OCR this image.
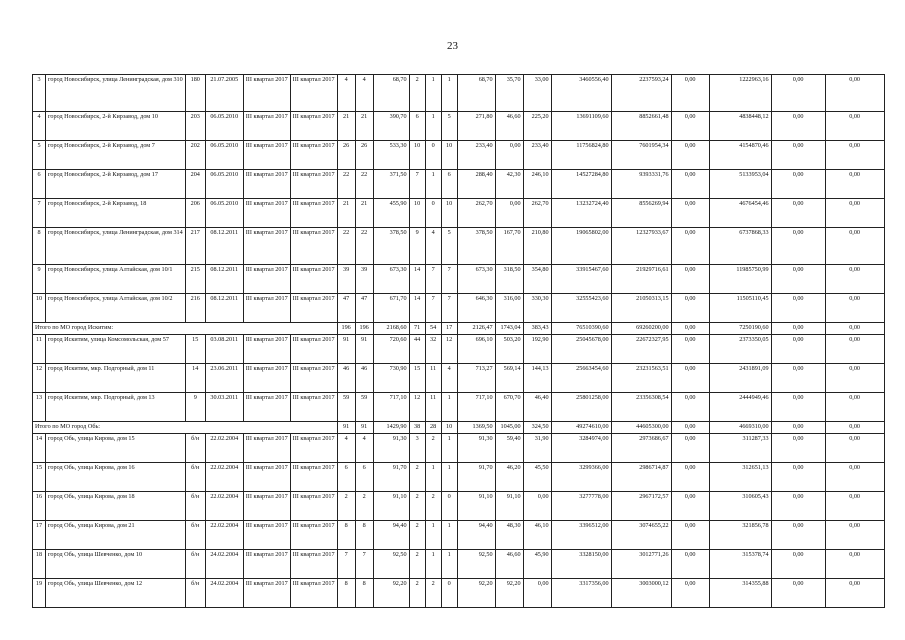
23
3	город Новосибирск, улица Ленинградская, дом 310	180	21.07.2005	III квартал 2017	III квартал 2017	4	4	68,70	2	1	1	68,70	35,70	33,00	3460556,40	2237593,24	0,00	1222963,16	0,00	0,00
4	город Новосибирск, 2-й Кирзавод, дом 10	203	06.05.2010	III квартал 2017	III квартал 2017	21	21	390,70	6	1	5	271,80	46,60	225,20	13691109,60	8852661,48	0,00	4838448,12	0,00	0,00
5	город Новосибирск, 2-й Кирзавод, дом 7	202	06.05.2010	III квартал 2017	III квартал 2017	26	26	533,30	10	0	10	233,40	0,00	233,40	11756824,80	7601954,34	0,00	4154870,46	0,00	0,00
6	город Новосибирск, 2-й Кирзавод, дом 17	204	06.05.2010	III квартал 2017	III квартал 2017	22	22	371,50	7	1	6	288,40	42,30	246,10	14527284,80	9393331,76	0,00	5133953,04	0,00	0,00
7	город Новосибирск, 2-й Кирзавод, 18	206	06.05.2010	III квартал 2017	III квартал 2017	21	21	455,90	10	0	10	262,70	0,00	262,70	13232724,40	8556269,94	0,00	4676454,46	0,00	0,00
8	город Новосибирск, улица Ленинградская, дом 314	217	08.12.2011	III квартал 2017	III квартал 2017	22	22	378,50	9	4	5	378,50	167,70	210,80	19065802,00	12327933,67	0,00	6737868,33	0,00	0,00
9	город Новосибирск, улица Алтайская, дом 10/1	215	08.12.2011	III квартал 2017	III квартал 2017	39	39	673,30	14	7	7	673,30	318,50	354,80	33915467,60	21929716,61	0,00	11985750,99	0,00	0,00
10	город Новосибирск, улица Алтайская, дом 10/2	216	08.12.2011	III квартал 2017	III квартал 2017	47	47	671,70	14	7	7	646,30	316,00	330,30	32555423,60	21050313,15	0,00	11505110,45	0,00	0,00
Итого по МО город Искитим:						196	196	2168,60	71	54	17	2126,47	1743,04	383,43	76510390,60	69260200,00	0,00	7250190,60	0,00	0,00
11	город Искитим, улица Комсомольская, дом 57	15	03.08.2011	III квартал 2017	III квартал 2017	91	91	720,60	44	32	12	696,10	503,20	192,90	25045678,00	22672327,95	0,00	2373350,05	0,00	0,00
12	город Искитим, мкр. Подгорный, дом 11	14	23.06.2011	III квартал 2017	III квартал 2017	46	46	730,90	15	11	4	713,27	569,14	144,13	25663454,60	23231563,51	0,00	2431891,09	0,00	0,00
13	город Искитим, мкр. Подгорный, дом 13	9	30.03.2011	III квартал 2017	III квартал 2017	59	59	717,10	12	11	1	717,10	670,70	46,40	25801258,00	23356308,54	0,00	2444949,46	0,00	0,00
Итого по МО город Обь:						91	91	1429,90	38	28	10	1369,50	1045,00	324,50	49274610,00	44605300,00	0,00	4669310,00	0,00	0,00
14	город Обь, улица Кирова, дом 15	б/н	22.02.2004	III квартал 2017	III квартал 2017	4	4	91,30	3	2	1	91,30	59,40	31,90	3284974,00	2973686,67	0,00	311287,33	0,00	0,00
15	город Обь, улица Кирова, дом 16	б/н	22.02.2004	III квартал 2017	III квартал 2017	6	6	91,70	2	1	1	91,70	46,20	45,50	3299366,00	2986714,87	0,00	312651,13	0,00	0,00
16	город Обь, улица Кирова, дом 18	б/н	22.02.2004	III квартал 2017	III квартал 2017	2	2	91,10	2	2	0	91,10	91,10	0,00	3277778,00	2967172,57	0,00	310605,43	0,00	0,00
17	город Обь, улица Кирова, дом 21	б/н	22.02.2004	III квартал 2017	III квартал 2017	8	8	94,40	2	1	1	94,40	48,30	46,10	3396512,00	3074655,22	0,00	321856,78	0,00	0,00
18	город Обь, улица Шевченко, дом 10	б/н	24.02.2004	III квартал 2017	III квартал 2017	7	7	92,50	2	1	1	92,50	46,60	45,90	3328150,00	3012771,26	0,00	315378,74	0,00	0,00
19	город Обь, улица Шевченко, дом 12	б/н	24.02.2004	III квартал 2017	III квартал 2017	8	8	92,20	2	2	0	92,20	92,20	0,00	3317356,00	3003000,12	0,00	314355,88	0,00	0,00
